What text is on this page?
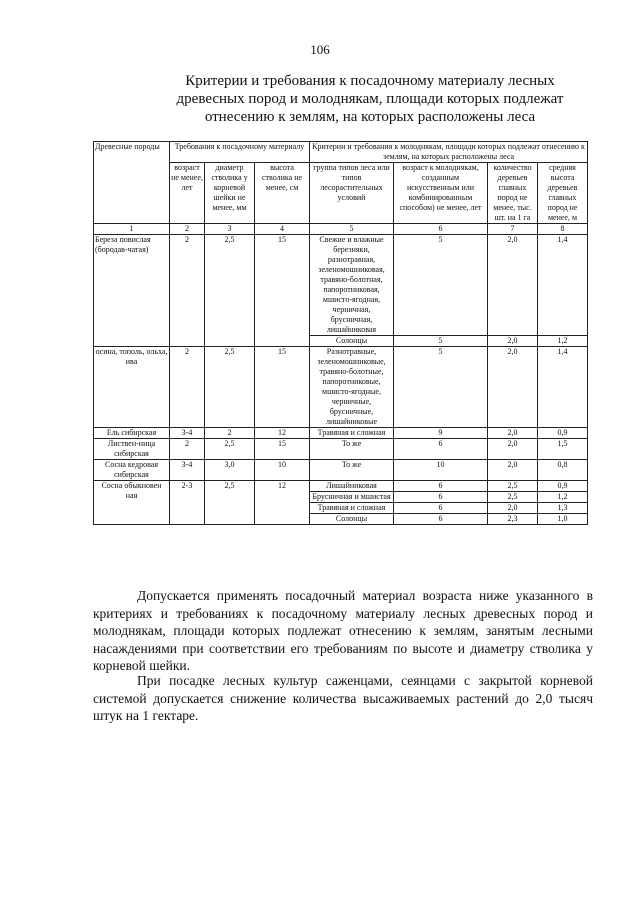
106
Критерии и требования к посадочному материалу лесных
древесных пород и молоднякам, площади которых подлежат
отнесению к землям, на которых расположены леса
Древесные породы	Требования к посадочному материалу			Критерии и требования к молоднякам, площади которых подлежат отнесению к землям, на которых расположены леса			
	возраст не менее, лет	диаметр стволика у корневой шейки не менее, мм	высота стволика не менее, см	группа типов леса или типов лесорастительных условий	возраст к молоднякам, созданным искусственным или комбинированным способом) не менее, лет	количество деревьев главных пород не менее, тыс. шт. на 1 га	средняя высота деревьев главных пород не менее, м
1	2	3	4	5	6	7	8
Береза повислая (бородав-чатая)	2	2,5	15	Свежие и влажные березняки, разнотравная, зеленомошниковая, травяно-болотная, папоротниковая, мшисто-ягодная, черничная, брусничная, лишайниковая	5	2,0	1,4
				Солонцы	5	2,0	1,2
осина, тополь, ольха, ива	2	2,5	15	Разнотравные, зеленомошниковые, травяно-болотные, папоротниковые, мшисто-ягодные, черничные, брусничные, лишайниковые	5	2,0	1,4
Ель сибирская	3-4	2	12	Травяная и сложная	9	2,0	0,9
Листвен-ница сибирская	2	2,5	15	То же	6	2,0	1,5
Сосна кедровая сибирская	3-4	3,0	10	То же	10	2,0	0,8
Сосна обыкновен ная	2-3	2,5	12	Лишайниковая	6	2,5	0,9
				Брусничная и мшистая	6	2,5	1,2
				Травяная и сложная	6	2,0	1,3
				Солонцы	6	2,3	1,0
Допускается применять посадочный материал возраста ниже указанного в критериях и требованиях к посадочному материалу лесных древесных пород и молоднякам, площади которых подлежат отнесению к землям, занятым лесными насаждениями при соответствии его требованиям по высоте и диаметру стволика у корневой шейки.
При посадке лесных культур саженцами, сеянцами с закрытой корневой системой допускается снижение количества высаживаемых растений до 2,0 тысяч штук на 1 гектаре.
